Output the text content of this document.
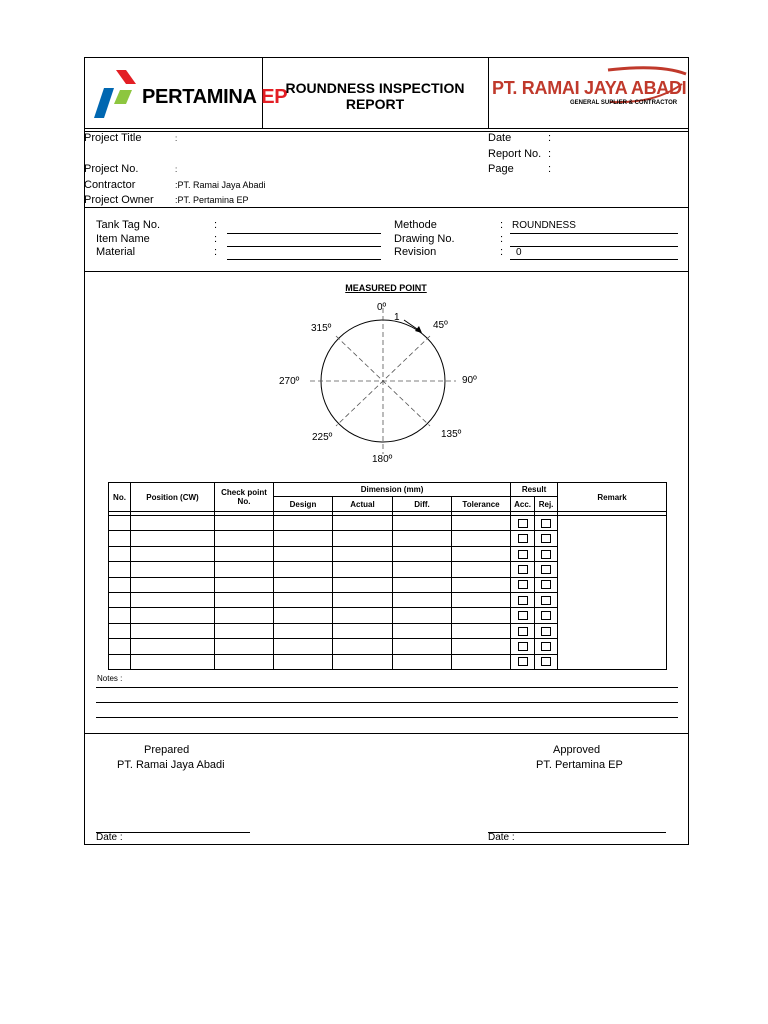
PERTAMINA EP
ROUNDNESS INSPECTION
REPORT
PT. RAMAI JAYA ABADI
GENERAL SUPLIER & CONTRACTOR
Project Title	:
Project No.	:
Contractor	:PT. Ramai Jaya Abadi
Project Owner :PT. Pertamina EP
Date	:
Report No. :
Page	:
Tank Tag No.	:
Item Name	:
Material	:
Methode	: ROUNDNESS
Drawing No.	:
Revision	: 0
MEASURED POINT
0º
1
45º
315º
270º	90º
225º	135º
180º
No.	Position (CW)	Check point No.	Dimension (mm)				Result		Remark
			Design	Actual	Diff.	Tolerance	Acc.	Rej.	

Notes :
Prepared
PT. Ramai Jaya Abadi
Approved
PT. Pertamina EP
Date :	Date :
